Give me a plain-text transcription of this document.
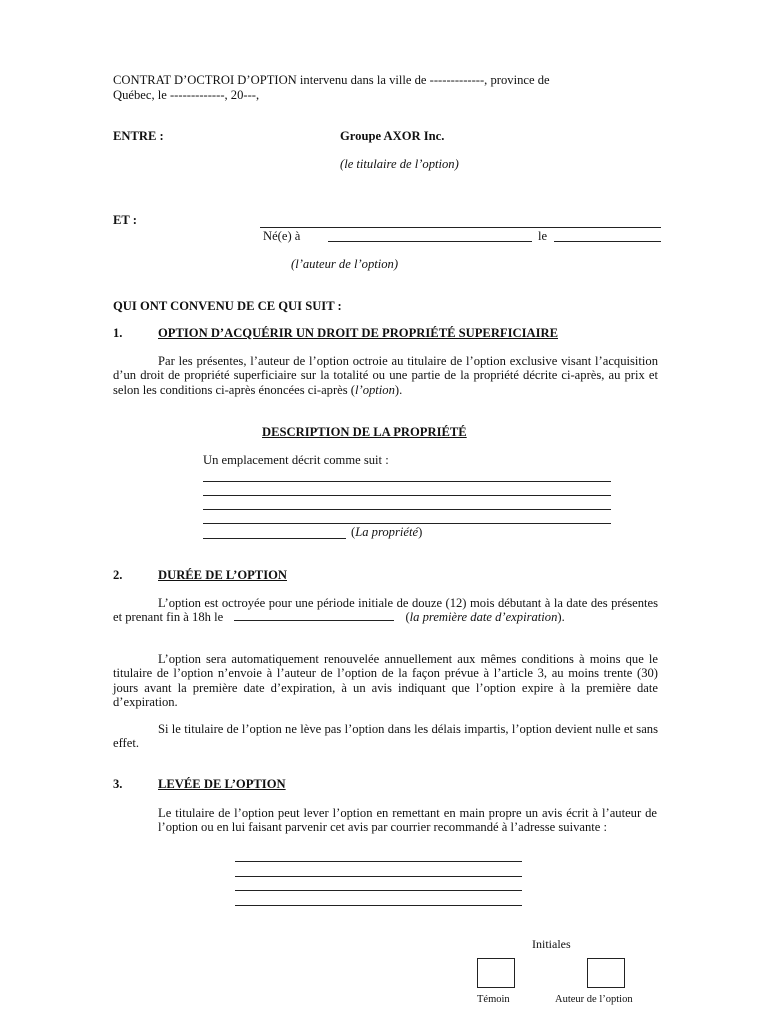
CONTRAT D’OCTROI D’OPTION intervenu dans la ville de -------------, province de
Québec, le -------------, 20---,
ENTRE :	Groupe AXOR Inc.
(le titulaire de l’option)
ET :
Né(e) à	le
(l’auteur de l’option)
QUI ONT CONVENU DE CE QUI SUIT :
1.	OPTION D’ACQUÉRIR UN DROIT DE PROPRIÉTÉ SUPERFICIAIRE

Par les présentes, l’auteur de l’option octroie au titulaire de l’option exclusive visant l’acquisition d’un droit de propriété superficiaire sur la totalité ou une partie de la propriété décrite ci-après, au prix et selon les conditions ci-après énoncées ci-après (l’option).

DESCRIPTION DE LA PROPRIÉTÉ
Un emplacement décrit comme suit :
(La propriété)
2.	DURÉE DE L’OPTION

L’option est octroyée pour une période initiale de douze (12) mois débutant à la date des présentes et prenant fin à 18h le	(la première date d’expiration).

L’option sera automatiquement renouvelée annuellement aux mêmes conditions à moins que le titulaire de l’option n’envoie à l’auteur de l’option de la façon prévue à l’article 3, au moins trente (30) jours avant la première date d’expiration, à un avis indiquant que l’option expire à la première date d’expiration.

Si le titulaire de l’option ne lève pas l’option dans les délais impartis, l’option devient nulle et sans effet.

3.	LEVÉE DE L’OPTION

Le titulaire de l’option peut lever l’option en remettant en main propre un avis écrit à l’auteur de l’option ou en lui faisant parvenir cet avis par courrier recommandé à l’adresse suivante :

Initiales
Témoin	Auteur de l’option
